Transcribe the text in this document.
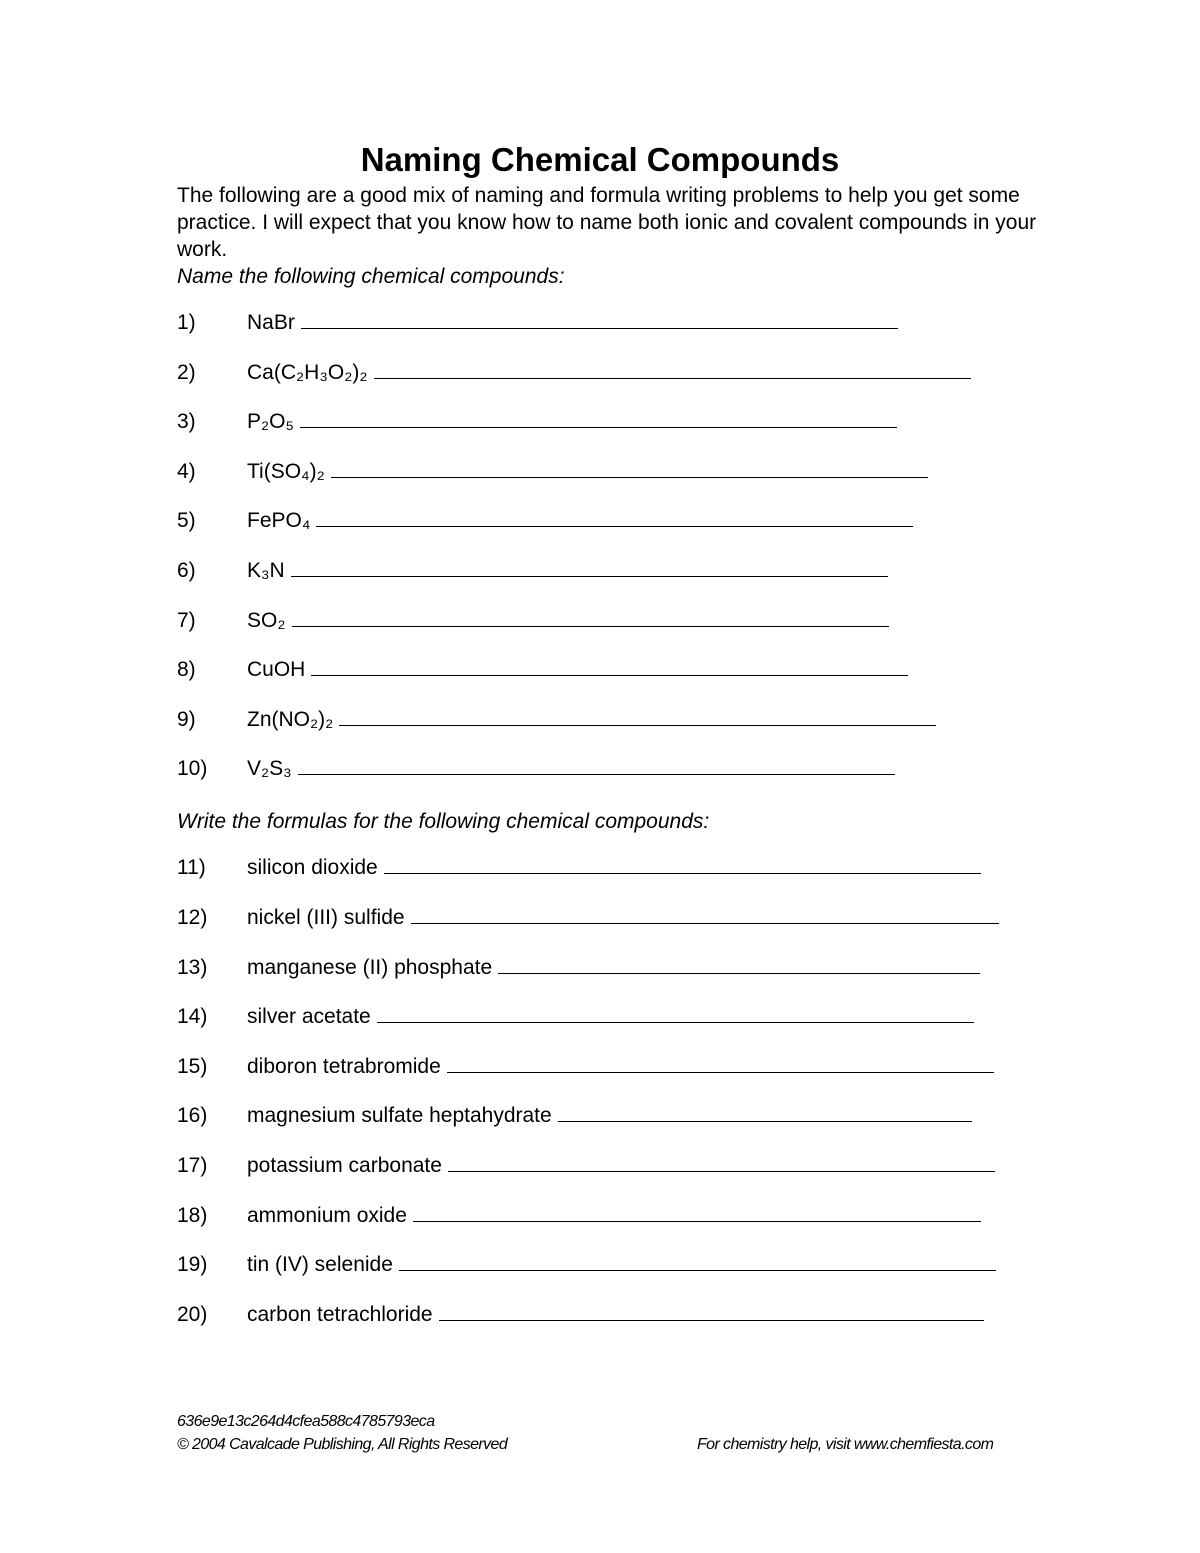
Naming Chemical Compounds

The following are a good mix of naming and formula writing problems to help you get some practice. I will expect that you know how to name both ionic and covalent compounds in your work.

Name the following chemical compounds:
1)	NaBr
2)	Ca(C₂H₃O₂)₂
3)	P₂O₅
4)	Ti(SO₄)₂
5)	FePO₄
6)	K₃N
7)	SO₂
8)	CuOH
9)	Zn(NO₂)₂
10)	V₂S₃
Write the formulas for the following chemical compounds:
11)	silicon dioxide
12)	nickel (III) sulfide
13)	manganese (II) phosphate
14)	silver acetate
15)	diboron tetrabromide
16)	magnesium sulfate heptahydrate
17)	potassium carbonate
18)	ammonium oxide
19)	tin (IV) selenide
20)	carbon tetrachloride
636e9e13c264d4cfea588c4785793eca
© 2004 Cavalcade Publishing, All Rights Reserved	For chemistry help, visit www.chemfiesta.com
